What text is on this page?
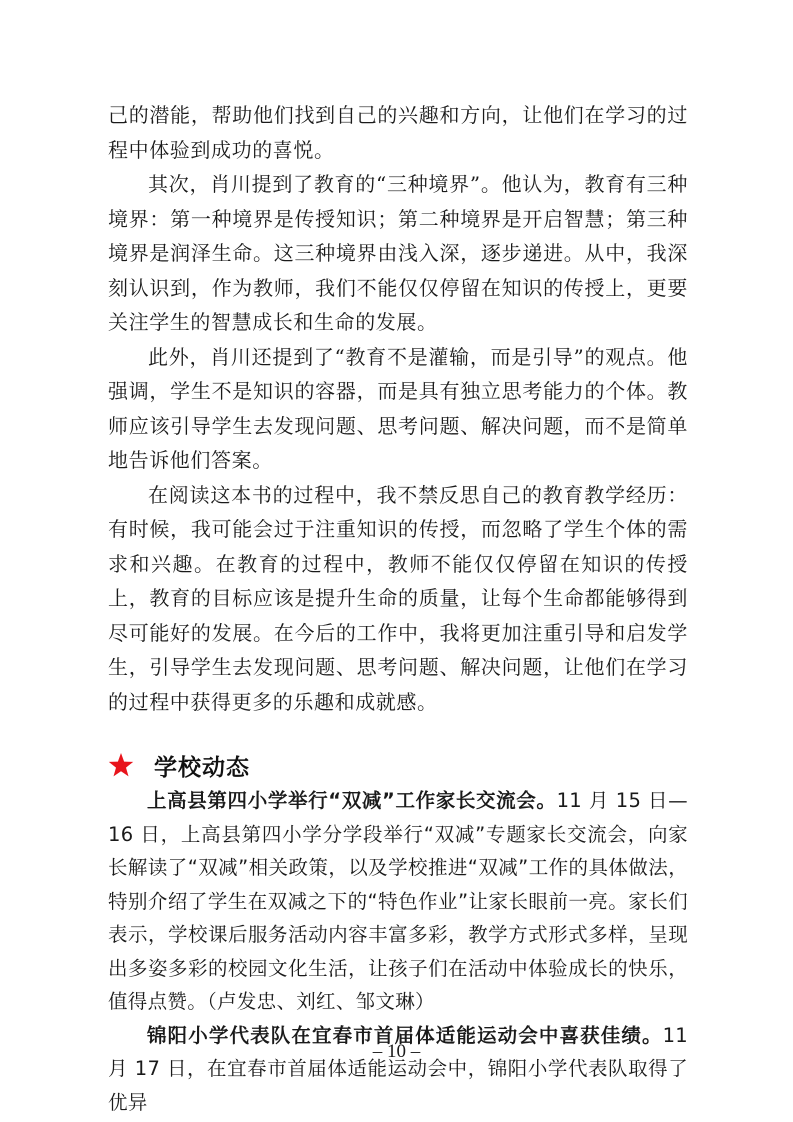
己的潜能，帮助他们找到自己的兴趣和方向，让他们在学习的过程中体验到成功的喜悦。

其次，肖川提到了教育的“三种境界”。他认为，教育有三种境界：第一种境界是传授知识；第二种境界是开启智慧；第三种境界是润泽生命。这三种境界由浅入深，逐步递进。从中，我深刻认识到，作为教师，我们不能仅仅停留在知识的传授上，更要关注学生的智慧成长和生命的发展。

此外，肖川还提到了“教育不是灌输，而是引导”的观点。他强调，学生不是知识的容器，而是具有独立思考能力的个体。教师应该引导学生去发现问题、思考问题、解决问题，而不是简单地告诉他们答案。

在阅读这本书的过程中，我不禁反思自己的教育教学经历：有时候，我可能会过于注重知识的传授，而忽略了学生个体的需求和兴趣。在教育的过程中，教师不能仅仅停留在知识的传授上，教育的目标应该是提升生命的质量，让每个生命都能够得到尽可能好的发展。在今后的工作中，我将更加注重引导和启发学生，引导学生去发现问题、思考问题、解决问题，让他们在学习的过程中获得更多的乐趣和成就感。

学校动态

上高县第四小学举行“双减”工作家长交流会。11 月 15 日—16 日，上高县第四小学分学段举行“双减”专题家长交流会，向家长解读了“双减”相关政策，以及学校推进“双减”工作的具体做法，特别介绍了学生在双减之下的“特色作业”让家长眼前一亮。家长们表示，学校课后服务活动内容丰富多彩，教学方式形式多样，呈现出多姿多彩的校园文化生活，让孩子们在活动中体验成长的快乐，值得点赞。（卢发忠、刘红、邹文琳）

锦阳小学代表队在宜春市首届体适能运动会中喜获佳绩。11 月 17 日，在宜春市首届体适能运动会中，锦阳小学代表队取得了优异

– 10 –
